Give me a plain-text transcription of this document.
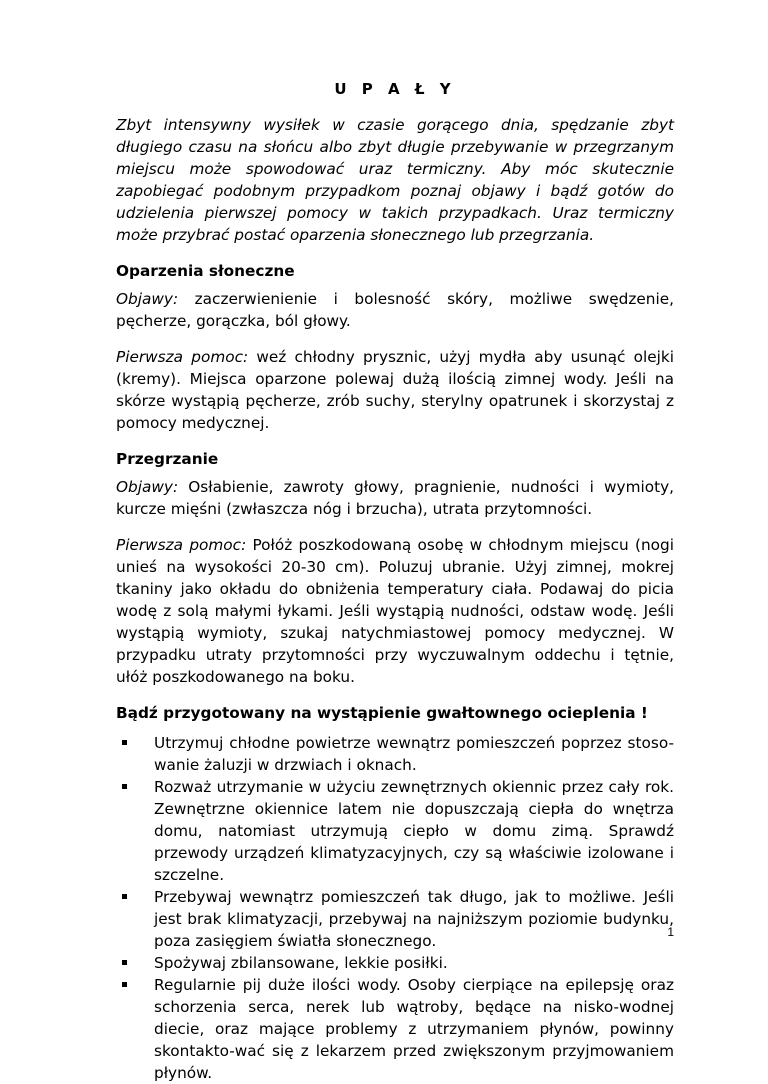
U P A Ł Y

Zbyt intensywny wysiłek w czasie gorącego dnia, spędzanie zbyt długiego czasu na słońcu albo zbyt długie przebywanie w przegrzanym miejscu może spowodować uraz termiczny. Aby móc skutecznie zapobiegać podobnym przypadkom poznaj objawy i bądź gotów do udzielenia pierwszej pomocy w takich przypadkach. Uraz termiczny może przybrać postać oparzenia słonecznego lub przegrzania.

Oparzenia słoneczne

Objawy: zaczerwienienie i bolesność skóry, możliwe swędzenie, pęcherze, gorączka, ból głowy.

Pierwsza pomoc: weź chłodny prysznic, użyj mydła aby usunąć olejki (kremy). Miejsca oparzone polewaj dużą ilością zimnej wody. Jeśli na skórze wystąpią pęcherze, zrób suchy, sterylny opatrunek i skorzystaj z pomocy medycznej.

Przegrzanie

Objawy: Osłabienie, zawroty głowy, pragnienie, nudności i wymioty, kurcze mięśni (zwłaszcza nóg i brzucha), utrata przytomności.

Pierwsza pomoc: Połóż poszkodowaną osobę w chłodnym miejscu (nogi unieś na wysokości 20-30 cm). Poluzuj ubranie. Użyj zimnej, mokrej tkaniny jako okładu do obniżenia temperatury ciała. Podawaj do picia wodę z solą małymi łykami. Jeśli wystąpią nudności, odstaw wodę. Jeśli wystąpią wymioty, szukaj natychmiastowej pomocy medycznej. W przypadku utraty przytomności przy wyczuwalnym oddechu i tętnie, ułóż poszkodowanego na boku.

Bądź przygotowany na wystąpienie gwałtownego ocieplenia !
Utrzymuj chłodne powietrze wewnątrz pomieszczeń poprzez stoso-wanie żaluzji w drzwiach i oknach.
Rozważ utrzymanie w użyciu zewnętrznych okiennic przez cały rok. Zewnętrzne okiennice latem nie dopuszczają ciepła do wnętrza domu, natomiast utrzymują ciepło w domu zimą. Sprawdź przewody urządzeń klimatyzacyjnych, czy są właściwie izolowane i szczelne.
Przebywaj wewnątrz pomieszczeń tak długo, jak to możliwe. Jeśli jest brak klimatyzacji, przebywaj na najniższym poziomie budynku, poza zasięgiem światła słonecznego.
Spożywaj zbilansowane, lekkie posiłki.
Regularnie pij duże ilości wody. Osoby cierpiące na epilepsję oraz schorzenia serca, nerek lub wątroby, będące na nisko-wodnej diecie, oraz mające problemy z utrzymaniem płynów, powinny skontakto-wać się z lekarzem przed zwiększonym przyjmowaniem płynów.
1
